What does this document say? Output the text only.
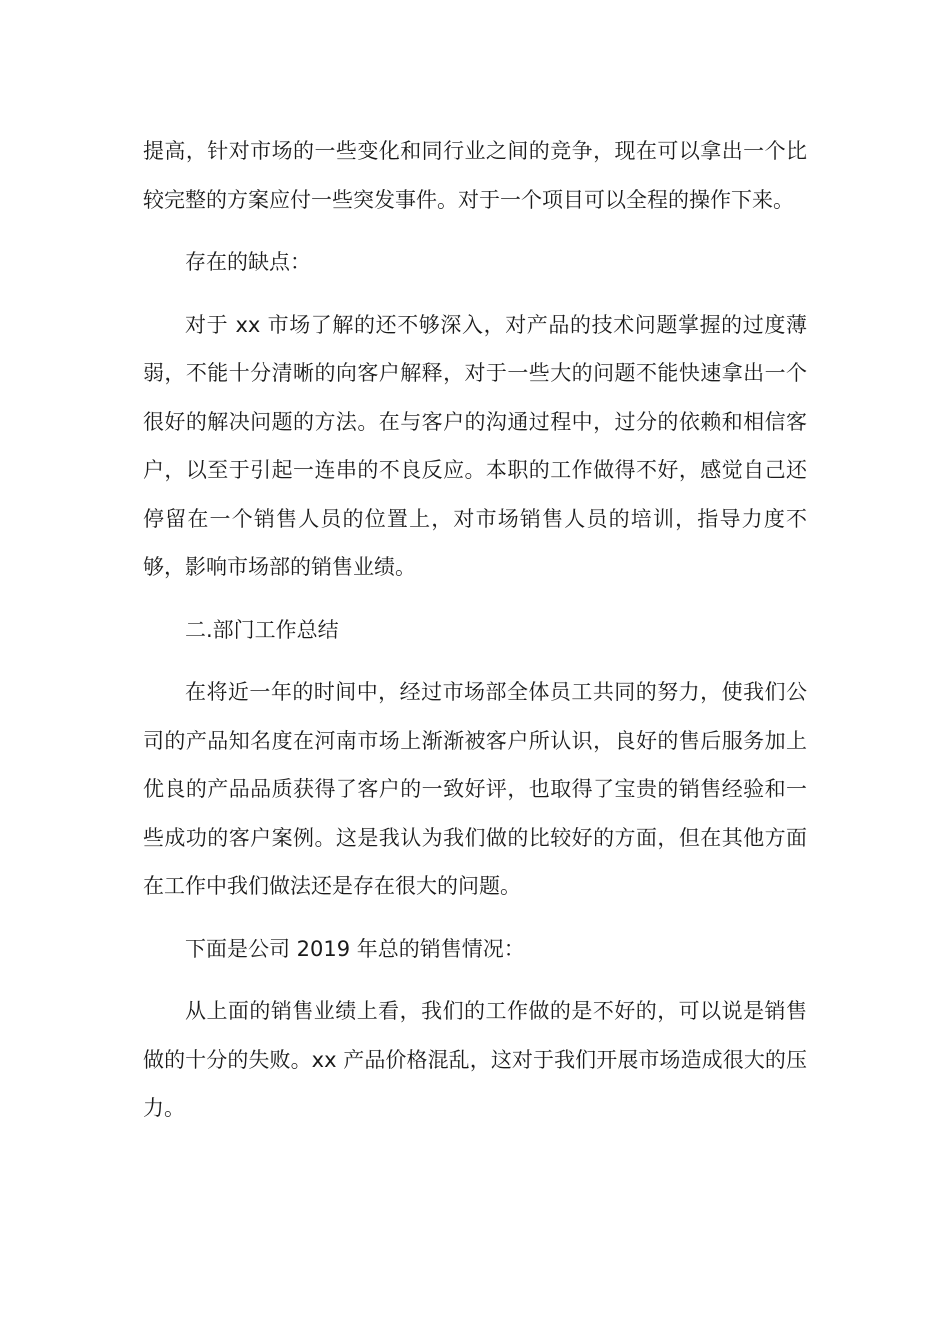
提高，针对市场的一些变化和同行业之间的竞争，现在可以拿出一个比较完整的方案应付一些突发事件。对于一个项目可以全程的操作下来。

存在的缺点：

对于 xx 市场了解的还不够深入，对产品的技术问题掌握的过度薄弱，不能十分清晰的向客户解释，对于一些大的问题不能快速拿出一个很好的解决问题的方法。在与客户的沟通过程中，过分的依赖和相信客户，以至于引起一连串的不良反应。本职的工作做得不好，感觉自己还停留在一个销售人员的位置上，对市场销售人员的培训，指导力度不够，影响市场部的销售业绩。

二.部门工作总结

在将近一年的时间中，经过市场部全体员工共同的努力，使我们公司的产品知名度在河南市场上渐渐被客户所认识，良好的售后服务加上优良的产品品质获得了客户的一致好评，也取得了宝贵的销售经验和一些成功的客户案例。这是我认为我们做的比较好的方面，但在其他方面在工作中我们做法还是存在很大的问题。

下面是公司 2019 年总的销售情况：

从上面的销售业绩上看，我们的工作做的是不好的，可以说是销售做的十分的失败。xx 产品价格混乱，这对于我们开展市场造成很大的压力。
